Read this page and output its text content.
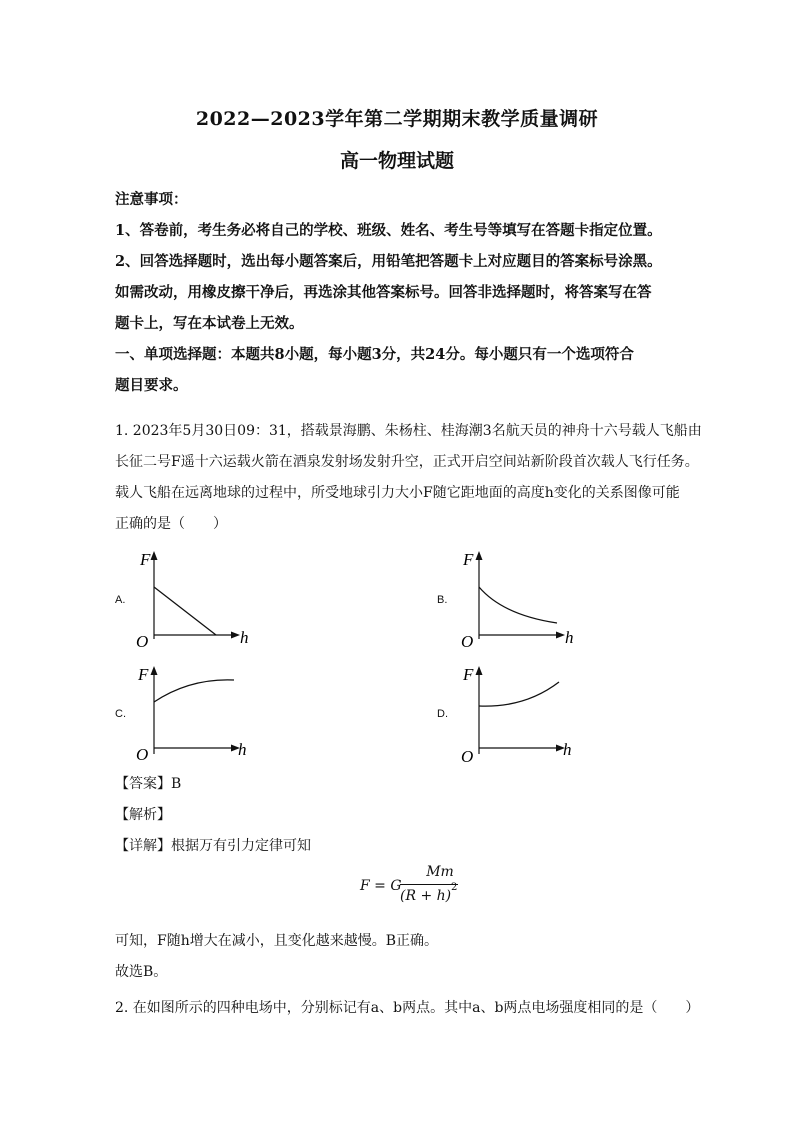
2022—2023学年第二学期期末教学质量调研
高一物理试题
注意事项：
1、答卷前，考生务必将自己的学校、班级、姓名、考生号等填写在答题卡指定位置。
2、回答选择题时，选出每小题答案后，用铅笔把答题卡上对应题目的答案标号涂黑。
如需改动，用橡皮擦干净后，再选涂其他答案标号。回答非选择题时，将答案写在答
题卡上，写在本试卷上无效。
一、单项选择题：本题共8小题，每小题3分，共24分。每小题只有一个选项符合
题目要求。
1. 2023年5月30日09：31，搭载景海鹏、朱杨柱、桂海潮3名航天员的神舟十六号载人飞船由
长征二号F遥十六运载火箭在酒泉发射场发射升空，正式开启空间站新阶段首次载人飞行任务。
载人飞船在远离地球的过程中，所受地球引力大小F随它距地面的高度h变化的关系图像可能
正确的是（　　）
A.
F
O	h
B.
F
O	h
C.
F
O	h
D.
F
O	h
【答案】B
【解析】
【详解】根据万有引力定律可知
F = G
Mm
(R + h)
2
可知，F随h增大在减小，且变化越来越慢。B正确。
故选B。
2. 在如图所示的四种电场中，分别标记有a、b两点。其中a、b两点电场强度相同的是（　　）
